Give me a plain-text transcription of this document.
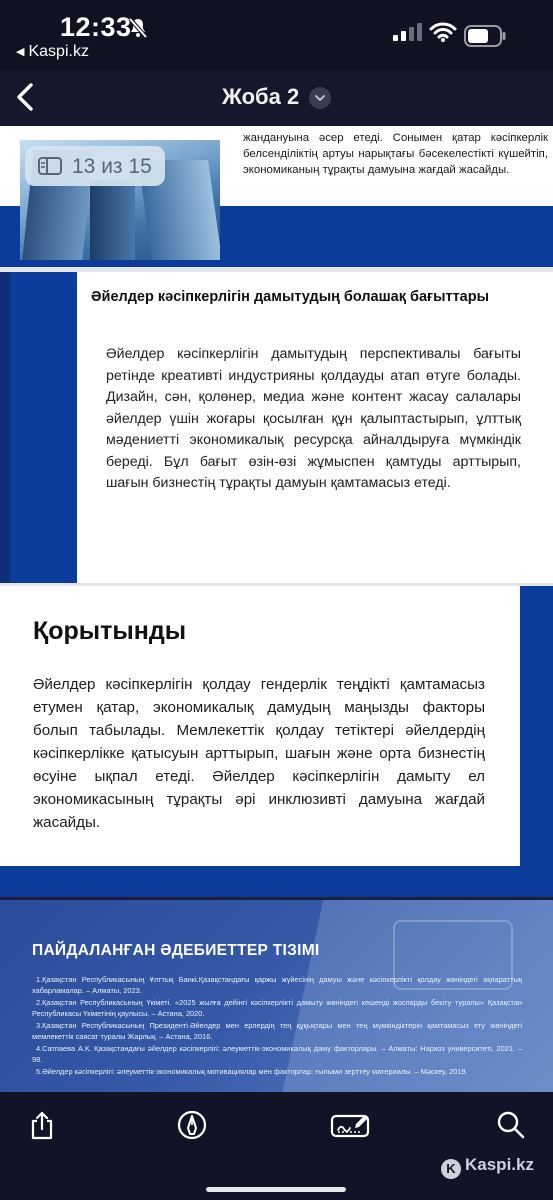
12:33
◀ Kaspi.kz
Жоба 2
жандануына әсер етеді. Сонымен қатар кәсіпкерлік белсенділіктің артуы нарықтағы бәсекелестікті күшейтіп, экономиканың тұрақты дамуына жағдай жасайды.
13 из 15
Әйелдер кәсіпкерлігін дамытудың болашақ бағыттары
Әйелдер кәсіпкерлігін дамытудың перспективалы бағыты ретінде креативті индустрияны қолдауды атап өтуге болады. Дизайн, сән, қолөнер, медиа және контент жасау салалары әйелдер үшін жоғары қосылған құн қалыптастырып, ұлттық мәдениетті экономикалық ресурсқа айналдыруға мүмкіндік береді. Бұл бағыт өзін-өзі жұмыспен қамтуды арттырып, шағын бизнестің тұрақты дамуын қамтамасыз етеді.
Қорытынды
Әйелдер кәсіпкерлігін қолдау гендерлік теңдікті қамтамасыз етумен қатар, экономикалық дамудың маңызды факторы болып табылады. Мемлекеттік қолдау тетіктері әйелдердің кәсіпкерлікке қатысуын арттырып, шағын және орта бизнестің өсуіне ықпал етеді. Әйелдер кәсіпкерлігін дамыту ел экономикасының тұрақты әрі инклюзивті дамуына жағдай жасайды.
ПАЙДАЛАНҒАН ӘДЕБИЕТТЕР ТІЗІМІ

1.Қазақстан Республикасының Ұлттық Банкі.Қазақстандағы қаржы жүйесінің дамуы және кәсіпкерлікті қолдау жөніндегі ақпараттық хабарламалар. – Алматы, 2023.

2.Қазақстан Республикасының Үкіметі. «2025 жылға дейінгі кәсіпкерлікті дамыту жөніндегі кешенді жоспарды бекіту туралы» Қазақстан Республикасы Үкіметінің қаулысы. – Астана, 2020.

3.Қазақстан Республикасының Президенті.Әйелдер мен ерлердің тең құқықтары мен тең мүмкіндіктерін қамтамасыз ету жөніндегі мемлекеттік саясат туралы Жарлық. – Астана, 2016.

4.Сатпаева А.К. Қазақстандағы әйелдер кәсіпкерлігі: әлеуметтік-экономикалық даму факторлары. – Алматы: Нархоз университеті, 2021. – 98.

5.Әйелдер кәсіпкерлігі: әлеуметтік-экономикалық мотивациялар мен факторлар: ғылыми зерттеу материалы. – Мәскеу, 2019.

K Kaspi.kz
